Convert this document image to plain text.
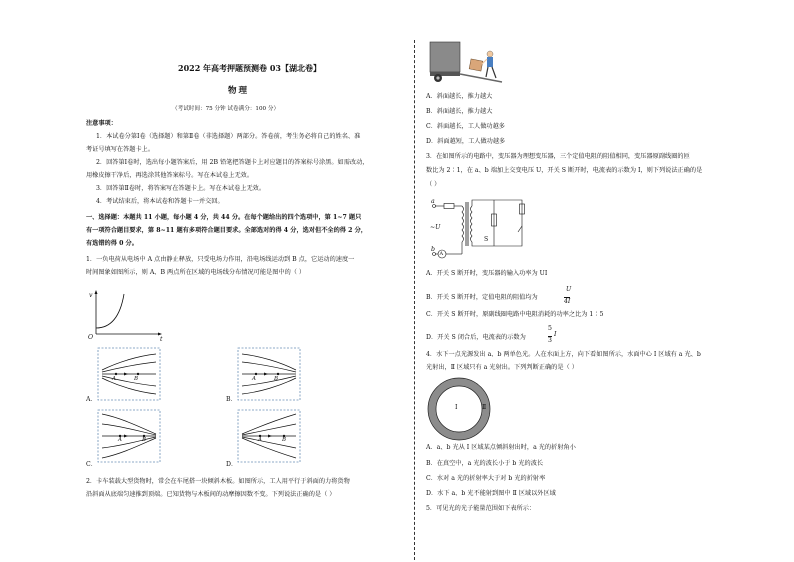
2022 年高考押题预测卷 03【湖北卷】
物理
（考试时间：75 分钟 试卷满分：100 分）
注意事项：
1．本试卷分第Ⅰ卷（选择题）和第Ⅱ卷（非选择题）两部分。答卷前，考生务必将自己的姓名、准
考证号填写在答题卡上。
2．回答第Ⅰ卷时，选出每小题答案后，用 2B 铅笔把答题卡上对应题目的答案标号涂黑。如需改动，
用橡皮擦干净后，再选涂其他答案标号。写在本试卷上无效。
3．回答第Ⅱ卷时，将答案写在答题卡上。写在本试卷上无效。
4．考试结束后，将本试卷和答题卡一并交回。
一、选择题：本题共 11 小题，每小题 4 分，共 44 分。在每个题给出的四个选项中，第 1~7 题只
有一项符合题目要求，第 8~11 题有多项符合题目要求。全部选对的得 4 分，选对但不全的得 2 分，
有选错的得 0 分。
1．一负电荷从电场中 A 点由静止释放，只受电场力作用，沿电场线运动到 B 点，它运动的速度一
时间图象如图所示，则 A、B 两点所在区域的电场线分布情况可能是图中的（ ）
v
t
O
A	B
A．
A	B
B．
A	B
C．
A	B
D．
2．卡车装载大型货物时，常会在车尾搭一块倾斜木板。如图所示，工人用平行于斜面的力将货物
沿斜面从底端匀速推到顶端。已知货物与木板间的动摩擦因数不变。下列说法正确的是（ ）
A．斜面越长，推力越大
B．斜面越长，推力越大
C．斜面越长，工人做功越多
D．斜面越短，工人做功越多
3．在如图所示的电路中，变压器为理想变压器，三个定值电阻的阻值相同，变压器原副线圈的匝
数比为 2∶1，在 a、b 端加上交变电压 U，开关 S 断开时，电流表的示数为 I，则下列说法正确的是
（ ）
a
b
~U
S
A
A．开关 S 断开时，变压器的输入功率为 UI
B．开关 S 断开时，定值电阻的阻值均为
U
4I
C．开关 S 断开时，原副线圈电路中电阻消耗的功率之比为 1∶5
D．开关 S 闭合后，电流表的示数为
5
3
I
4．水下一点光源发出 a、b 两单色光。人在水面上方，向下看如图所示，水面中心 Ⅰ 区域有 a 光、b
光射出，Ⅱ 区域只有 a 光射出。下列判断正确的是（ ）
Ⅰ	Ⅱ
A．a、b 光从 Ⅰ 区域某点倾斜射出时，a 光的折射角小
B．在真空中，a 光的波长小于 b 光的波长
C．水对 a 光的折射率大于对 b 光的折射率
D．水下 a、b 光不能射到图中 Ⅱ 区域以外区域
5．可见光的光子能量范围如下表所示：
